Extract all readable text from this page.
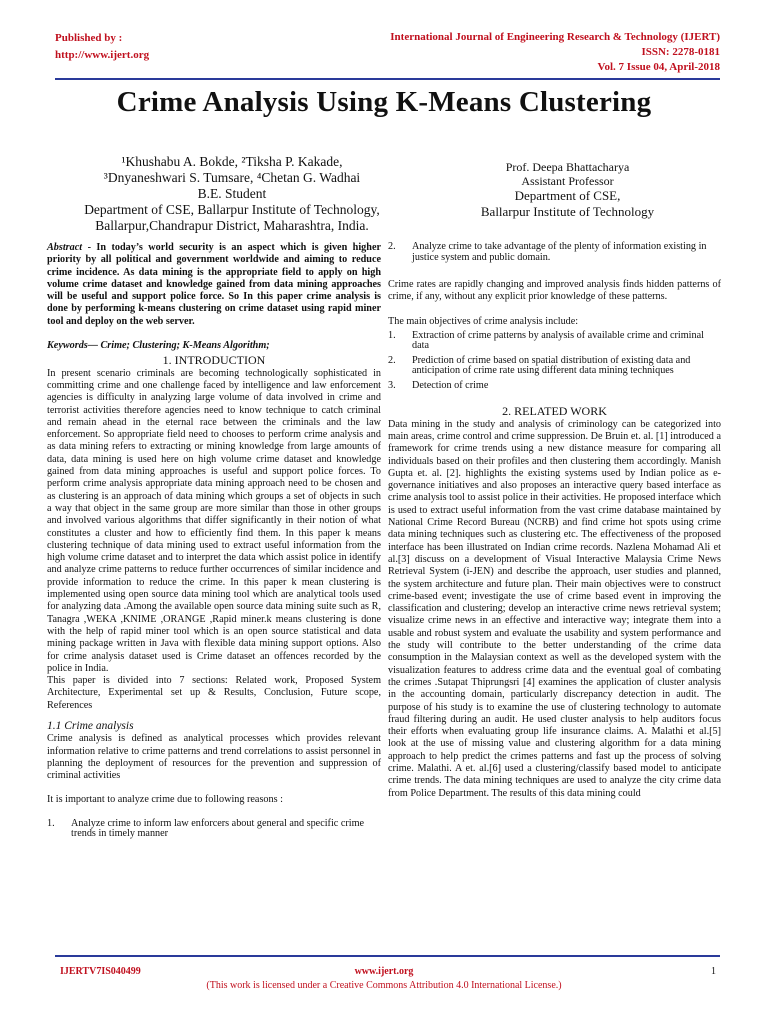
Published by :
http://www.ijert.org
International Journal of Engineering Research & Technology (IJERT)
ISSN: 2278-0181
Vol. 7 Issue 04, April-2018
Crime Analysis Using K-Means Clustering
¹Khushabu A. Bokde, ²Tiksha P. Kakade,
³Dnyaneshwari S. Tumsare, ⁴Chetan G. Wadhai
B.E. Student
Department of CSE, Ballarpur Institute of Technology,
Ballarpur,Chandrapur District, Maharashtra, India.
Prof. Deepa Bhattacharya
Assistant Professor
Department of CSE,
Ballarpur Institute of Technology

Abstract - In today’s world security is an aspect which is given higher priority by all political and government worldwide and aiming to reduce crime incidence. As data mining is the appropriate field to apply on high volume crime dataset and knowledge gained from data mining approaches will be useful and support police force. So In this paper crime analysis is done by performing k-means clustering on crime dataset using rapid miner tool and deploy on the web server.

Keywords— Crime; Clustering; K-Means Algorithm;

1. INTRODUCTION

In present scenario criminals are becoming technologically sophisticated in committing crime and one challenge faced by intelligence and law enforcement agencies is difficulty in analyzing large volume of data involved in crime and terrorist activities therefore agencies need to know technique to catch criminal and remain ahead in the eternal race between the criminals and the law enforcement. So appropriate field need to chooses to perform crime analysis and as data mining refers to extracting or mining knowledge from large amounts of data, data mining is used here on high volume crime dataset and knowledge gained from data mining approaches is useful and support police forces. To perform crime analysis appropriate data mining approach need to be chosen and as clustering is an approach of data mining which groups a set of objects in such a way that object in the same group are more similar than those in other groups and involved various algorithms that differ significantly in their notion of what constitutes a cluster and how to efficiently find them. In this paper k means clustering technique of data mining used to extract useful information from the high volume crime dataset and to interpret the data which assist police in identify and analyze crime patterns to reduce further occurrences of similar incidence and provide information to reduce the crime. In this paper k mean clustering is implemented using open source data mining tool which are analytical tools used for analyzing data .Among the available open source data mining suite such as R, Tanagra ,WEKA ,KNIME ,ORANGE ,Rapid miner.k means clustering is done with the help of rapid miner tool which is an open source statistical and data mining package written in Java with flexible data mining support options. Also for crime analysis dataset used is Crime dataset an offences recorded by the police in India.

This paper is divided into 7 sections: Related work, Proposed System Architecture, Experimental set up & Results, Conclusion, Future scope, References

1.1 Crime analysis

Crime analysis is defined as analytical processes which provides relevant information relative to crime patterns and trend correlations to assist personnel in planning the deployment of resources for the prevention and suppression of criminal activities

It is important to analyze crime due to following reasons :

1.	Analyze crime to inform law enforcers about general and specific crime trends in timely manner
2.	Analyze crime to take advantage of the plenty of information existing in justice system and public domain.

Crime rates are rapidly changing and improved analysis finds hidden patterns of crime, if any, without any explicit prior knowledge of these patterns.

The main objectives of crime analysis include:

1.	Extraction of crime patterns by analysis of available crime and criminal data
2.	Prediction of crime based on spatial distribution of existing data and anticipation of crime rate using different data mining techniques
3.	Detection of crime
2. RELATED WORK

Data mining in the study and analysis of criminology can be categorized into main areas, crime control and crime suppression. De Bruin et. al. [1] introduced a framework for crime trends using a new distance measure for comparing all individuals based on their profiles and then clustering them accordingly. Manish Gupta et. al. [2]. highlights the existing systems used by Indian police as e-governance initiatives and also proposes an interactive query based interface as crime analysis tool to assist police in their activities. He proposed interface which is used to extract useful information from the vast crime database maintained by National Crime Record Bureau (NCRB) and find crime hot spots using crime data mining techniques such as clustering etc. The effectiveness of the proposed interface has been illustrated on Indian crime records. Nazlena Mohamad Ali et al.[3] discuss on a development of Visual Interactive Malaysia Crime News Retrieval System (i-JEN) and describe the approach, user studies and planned, the system architecture and future plan. Their main objectives were to construct crime-based event; investigate the use of crime based event in improving the classification and clustering; develop an interactive crime news retrieval system; visualize crime news in an effective and interactive way; integrate them into a usable and robust system and evaluate the usability and system performance and the study will contribute to the better understanding of the crime data consumption in the Malaysian context as well as the developed system with the visualization features to address crime data and the eventual goal of combating the crimes .Sutapat Thiprungsri [4] examines the application of cluster analysis in the accounting domain, particularly discrepancy detection in audit. The purpose of his study is to examine the use of clustering technology to automate fraud filtering during an audit. He used cluster analysis to help auditors focus their efforts when evaluating group life insurance claims. A. Malathi et al.[5] look at the use of missing value and clustering algorithm for a data mining approach to help predict the crimes patterns and fast up the process of solving crime. Malathi. A et. al.[6] used a clustering/classify based model to anticipate crime trends. The data mining techniques are used to analyze the city crime data from Police Department. The results of this data mining could

IJERTV7IS040499	www.ijert.org	1
(This work is licensed under a Creative Commons Attribution 4.0 International License.)
